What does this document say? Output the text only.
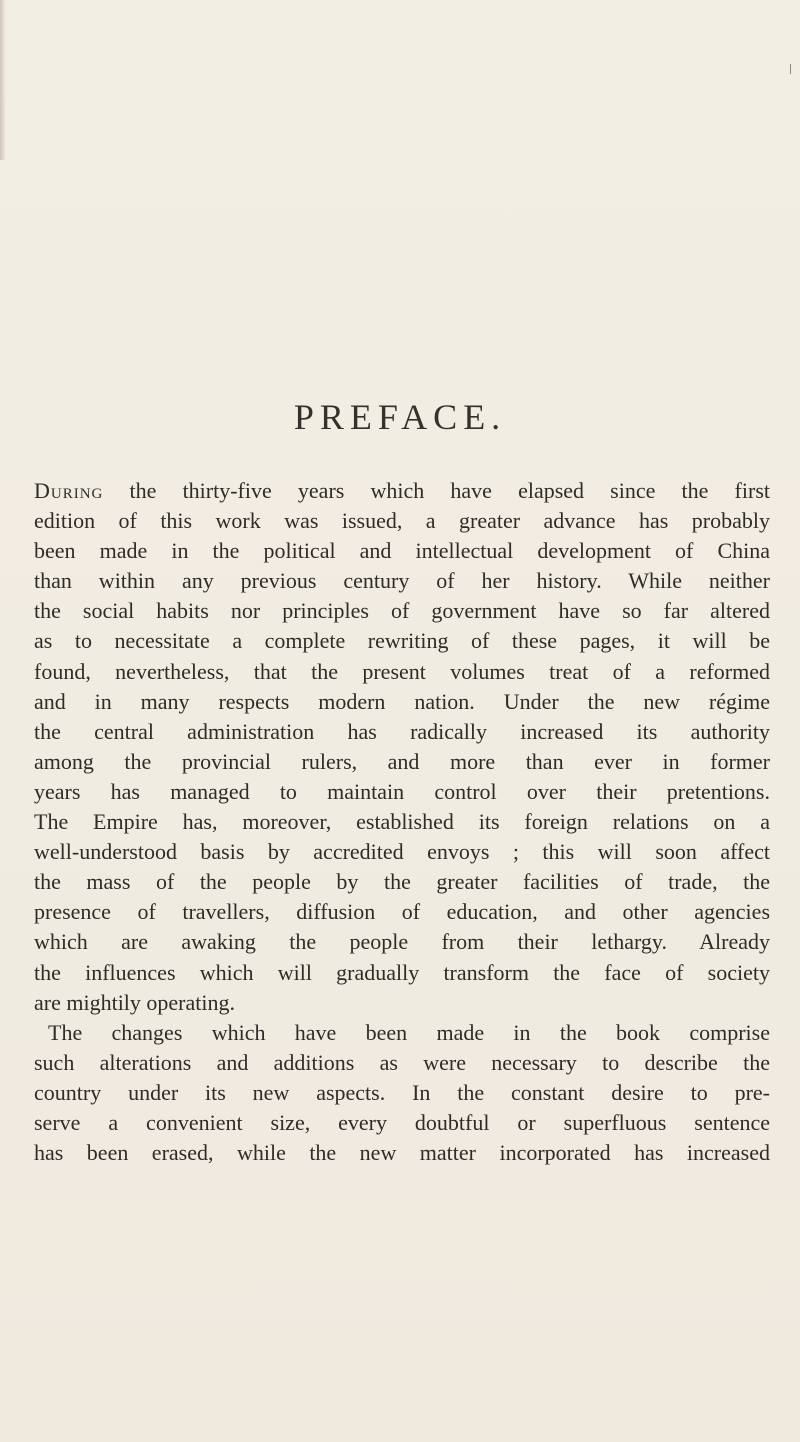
PREFACE.
During the thirty-five years which have elapsed since the first
edition of this work was issued, a greater advance has probably
been made in the political and intellectual development of China
than within any previous century of her history. While neither
the social habits nor principles of government have so far altered
as to necessitate a complete rewriting of these pages, it will be
found, nevertheless, that the present volumes treat of a reformed
and in many respects modern nation. Under the new régime
the central administration has radically increased its authority
among the provincial rulers, and more than ever in former
years has managed to maintain control over their pretentions.
The Empire has, moreover, established its foreign relations on a
well-understood basis by accredited envoys ; this will soon affect
the mass of the people by the greater facilities of trade, the
presence of travellers, diffusion of education, and other agencies
which are awaking the people from their lethargy. Already
the influences which will gradually transform the face of society
are mightily operating.
The changes which have been made in the book comprise
such alterations and additions as were necessary to describe the
country under its new aspects. In the constant desire to pre-
serve a convenient size, every doubtful or superfluous sentence
has been erased, while the new matter incorporated has increased
